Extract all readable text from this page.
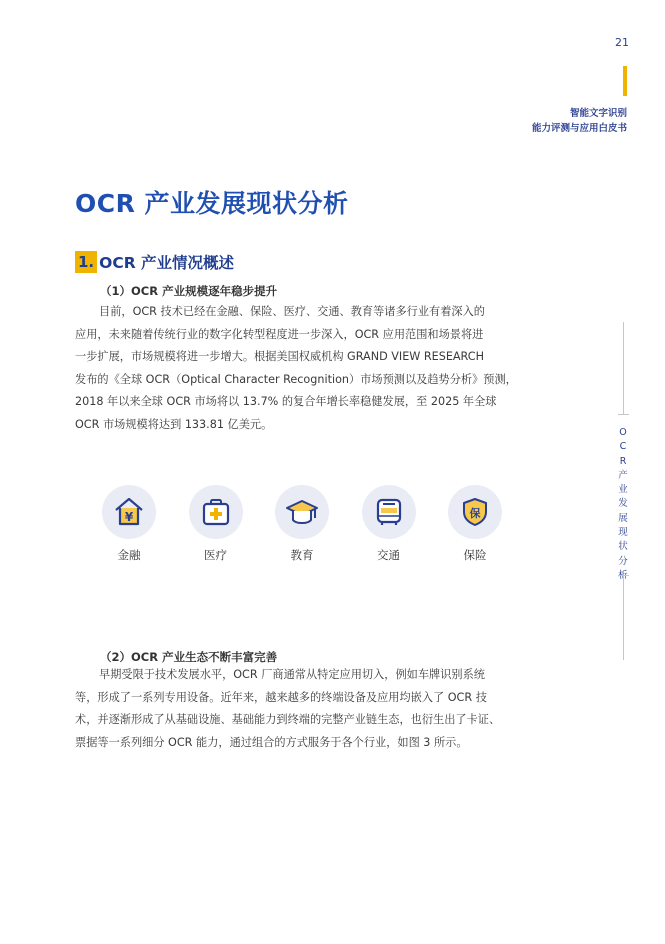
21
智能文字识别
能力评测与应用白皮书
OCR 产业发展现状分析
1. OCR 产业情况概述
（1）OCR 产业规模逐年稳步提升
目前，OCR 技术已经在金融、保险、医疗、交通、教育等诸多行业有着深入的
应用，未来随着传统行业的数字化转型程度进一步深入，OCR 应用范围和场景将进
一步扩展，市场规模将进一步增大。根据美国权威机构 GRAND VIEW RESEARCH
发布的《全球 OCR（Optical Character Recognition）市场预测以及趋势分析》预测，
2018 年以来全球 OCR 市场将以 13.7% 的复合年增长率稳健发展，至 2025 年全球
OCR 市场规模将达到 133.81 亿美元。
¥
金融	医疗	教育	交通
保
保险
（2）OCR 产业生态不断丰富完善
早期受限于技术发展水平，OCR 厂商通常从特定应用切入，例如车牌识别系统
等，形成了一系列专用设备。近年来，越来越多的终端设备及应用均嵌入了 OCR 技
术，并逐渐形成了从基础设施、基础能力到终端的完整产业链生态，也衍生出了卡证、
票据等一系列细分 OCR 能力，通过组合的方式服务于各个行业，如图 3 所示。
OCR产业发展现状分
